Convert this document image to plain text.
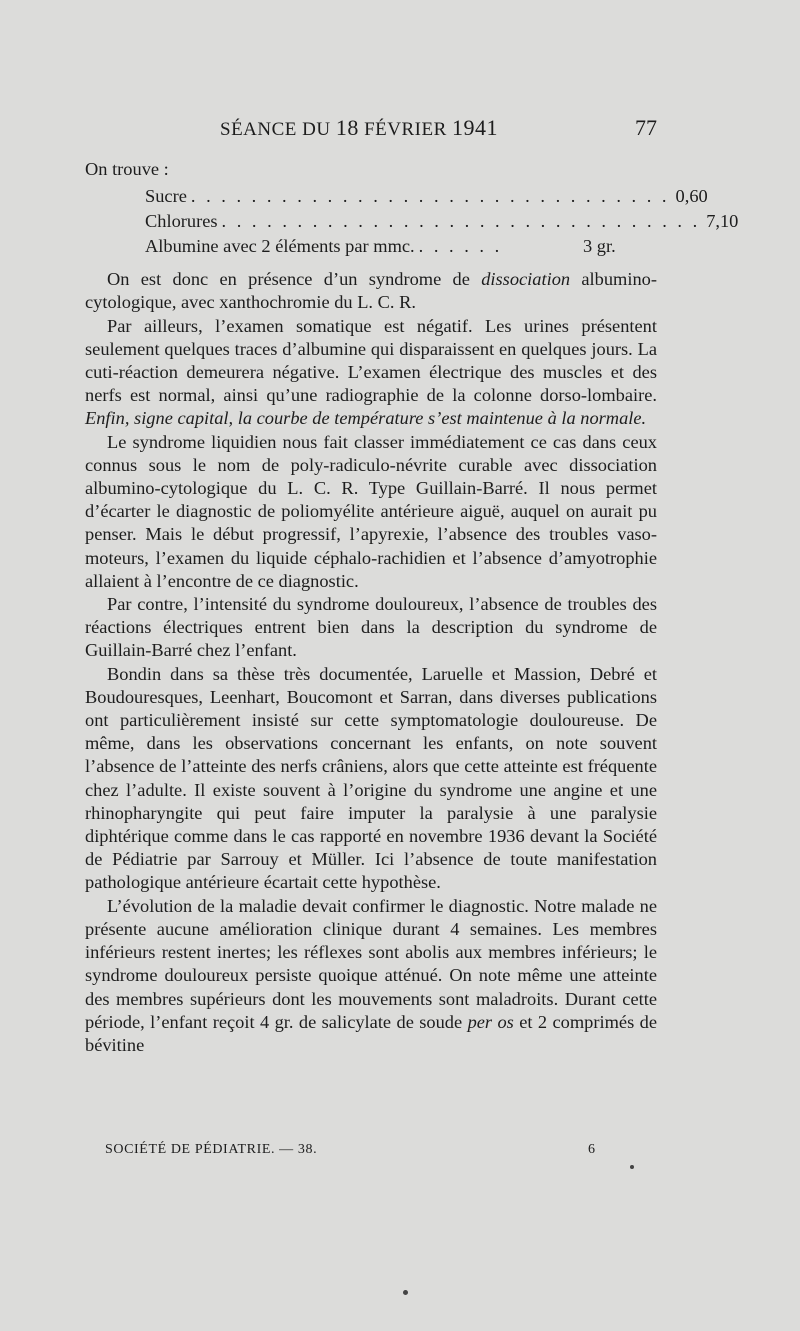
SÉANCE DU 18 FÉVRIER 1941	77

On trouve :

Sucre . . . . . . . . . . . . . . . . . . . . . . . . . . . . . . . . 0,60
Chlorures . . . . . . . . . . . . . . . . . . . . . . . . . . . . . . . . 7,10
Albumine avec 2 éléments par mmc. . . . . . .	3 gr.

On est donc en présence d’un syndrome de dissociation albumino-cytologique, avec xanthochromie du L. C. R.

Par ailleurs, l’examen somatique est négatif. Les urines présentent seulement quelques traces d’albumine qui disparaissent en quelques jours. La cuti-réaction demeurera négative. L’examen électrique des muscles et des nerfs est normal, ainsi qu’une radiographie de la colonne dorso-lombaire. Enfin, signe capital, la courbe de température s’est maintenue à la normale.

Le syndrome liquidien nous fait classer immédiatement ce cas dans ceux connus sous le nom de poly-radiculo-névrite curable avec dissociation albumino-cytologique du L. C. R. Type Guillain-Barré. Il nous permet d’écarter le diagnostic de poliomyélite antérieure aiguë, auquel on aurait pu penser. Mais le début progressif, l’apyrexie, l’absence des troubles vaso-moteurs, l’examen du liquide céphalo-rachidien et l’absence d’amyotrophie allaient à l’encontre de ce diagnostic.

Par contre, l’intensité du syndrome douloureux, l’absence de troubles des réactions électriques entrent bien dans la description du syndrome de Guillain-Barré chez l’enfant.

Bondin dans sa thèse très documentée, Laruelle et Massion, Debré et Boudouresques, Leenhart, Boucomont et Sarran, dans diverses publications ont particulièrement insisté sur cette symptomatologie douloureuse. De même, dans les observations concernant les enfants, on note souvent l’absence de l’atteinte des nerfs crâniens, alors que cette atteinte est fréquente chez l’adulte. Il existe souvent à l’origine du syndrome une angine et une rhinopharyngite qui peut faire imputer la paralysie à une paralysie diphtérique comme dans le cas rapporté en novembre 1936 devant la Société de Pédiatrie par Sarrouy et Müller. Ici l’absence de toute manifestation pathologique antérieure écartait cette hypothèse.

L’évolution de la maladie devait confirmer le diagnostic. Notre malade ne présente aucune amélioration clinique durant 4 semaines. Les membres inférieurs restent inertes; les réflexes sont abolis aux membres inférieurs; le syndrome douloureux persiste quoique atténué. On note même une atteinte des membres supérieurs dont les mouvements sont maladroits. Durant cette période, l’enfant reçoit 4 gr. de salicylate de soude per os et 2 comprimés de bévitine

SOCIÉTÉ DE PÉDIATRIE. — 38.	6
